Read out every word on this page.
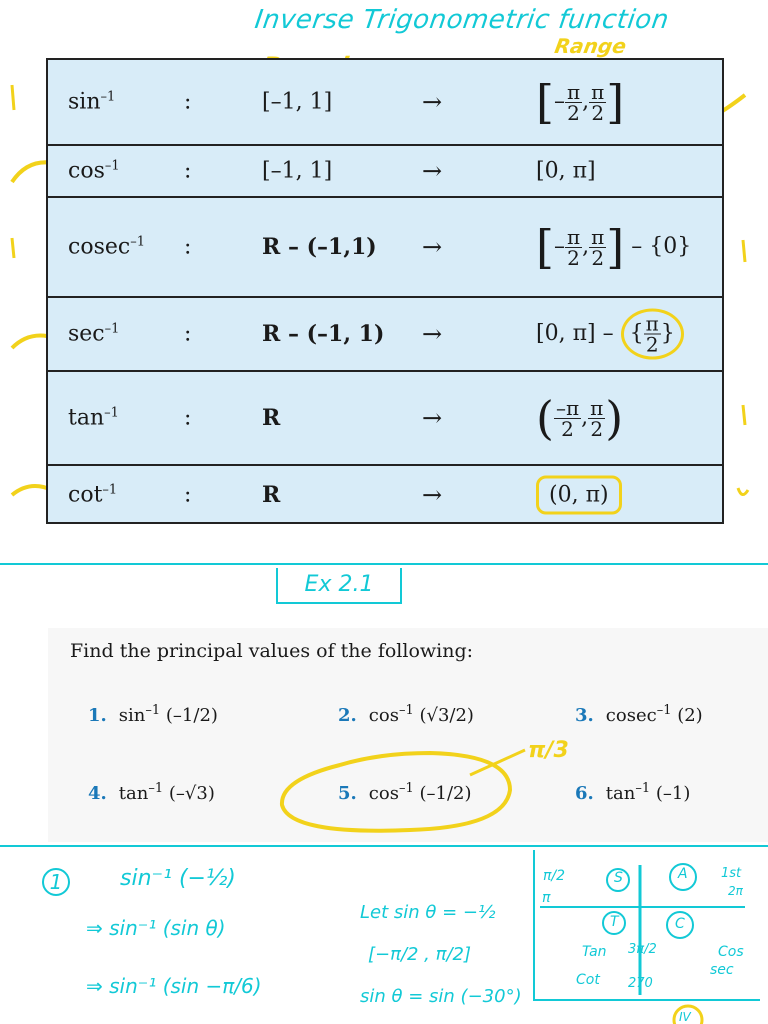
Inverse Trigonometric function
Range
$\sin^{-1}$	:	[–1, 1]	→ [– $\frac{\pi}{2}$ , $\frac{\pi}{2}$ ]
$\cos^{-1}$	:	[–1, 1]	→	[0, π]
cosec$^{-1}$ :	R – (–1,1) → [– $\frac{\pi}{2}$ , $\frac{\pi}{2}$ ] – {0}
$\sec^{-1}$	:	R – (–1, 1) →	[0, π] – { $\frac{\pi}{2}$ }
$\tan^{-1}$	:	R	→ ( $\frac{-\pi}{2}$ , $\frac{\pi}{2}$ )
$\cot^{-1}$	:	R	→	(0, π)
Ex 2.1
Find the principal values of the following:
1. $\sin^{-1} (-1/2)$	2. $\cos^{-1} (√3/2)$	3. cosec$^{-1}$ (2)
4. $\tan^{-1} (-√3)$	5. $\cos^{-1} (-1/2)$	6. $\tan^{-1} (-1)$
π/3
1	sin⁻¹ (−½)
⇒ sin⁻¹ (sin θ)
⇒ sin⁻¹ (sin −π/6)
Let sin θ = −½
[−π/2 , π/2]
sin θ = sin (−30°)
π/2
π
S	A	1st
2π
T	C
Tan 3π/2	Cos
sec
Cot 270
IV
